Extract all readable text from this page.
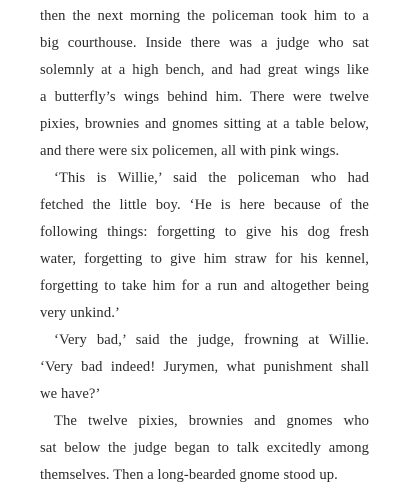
then the next morning the policeman took him to a
big courthouse. Inside there was a judge who sat
solemnly at a high bench, and had great wings like
a butterfly’s wings behind him. There were twelve
pixies, brownies and gnomes sitting at a table below,
and there were six policemen, all with pink wings.
‘This is Willie,’ said the policeman who had
fetched the little boy. ‘He is here because of the
following things: forgetting to give his dog fresh
water, forgetting to give him straw for his kennel,
forgetting to take him for a run and altogether being
very unkind.’
‘Very bad,’ said the judge, frowning at Willie.
‘Very bad indeed! Jurymen, what punishment shall
we have?’
The twelve pixies, brownies and gnomes who
sat below the judge began to talk excitedly among
themselves. Then a long-bearded gnome stood up.
